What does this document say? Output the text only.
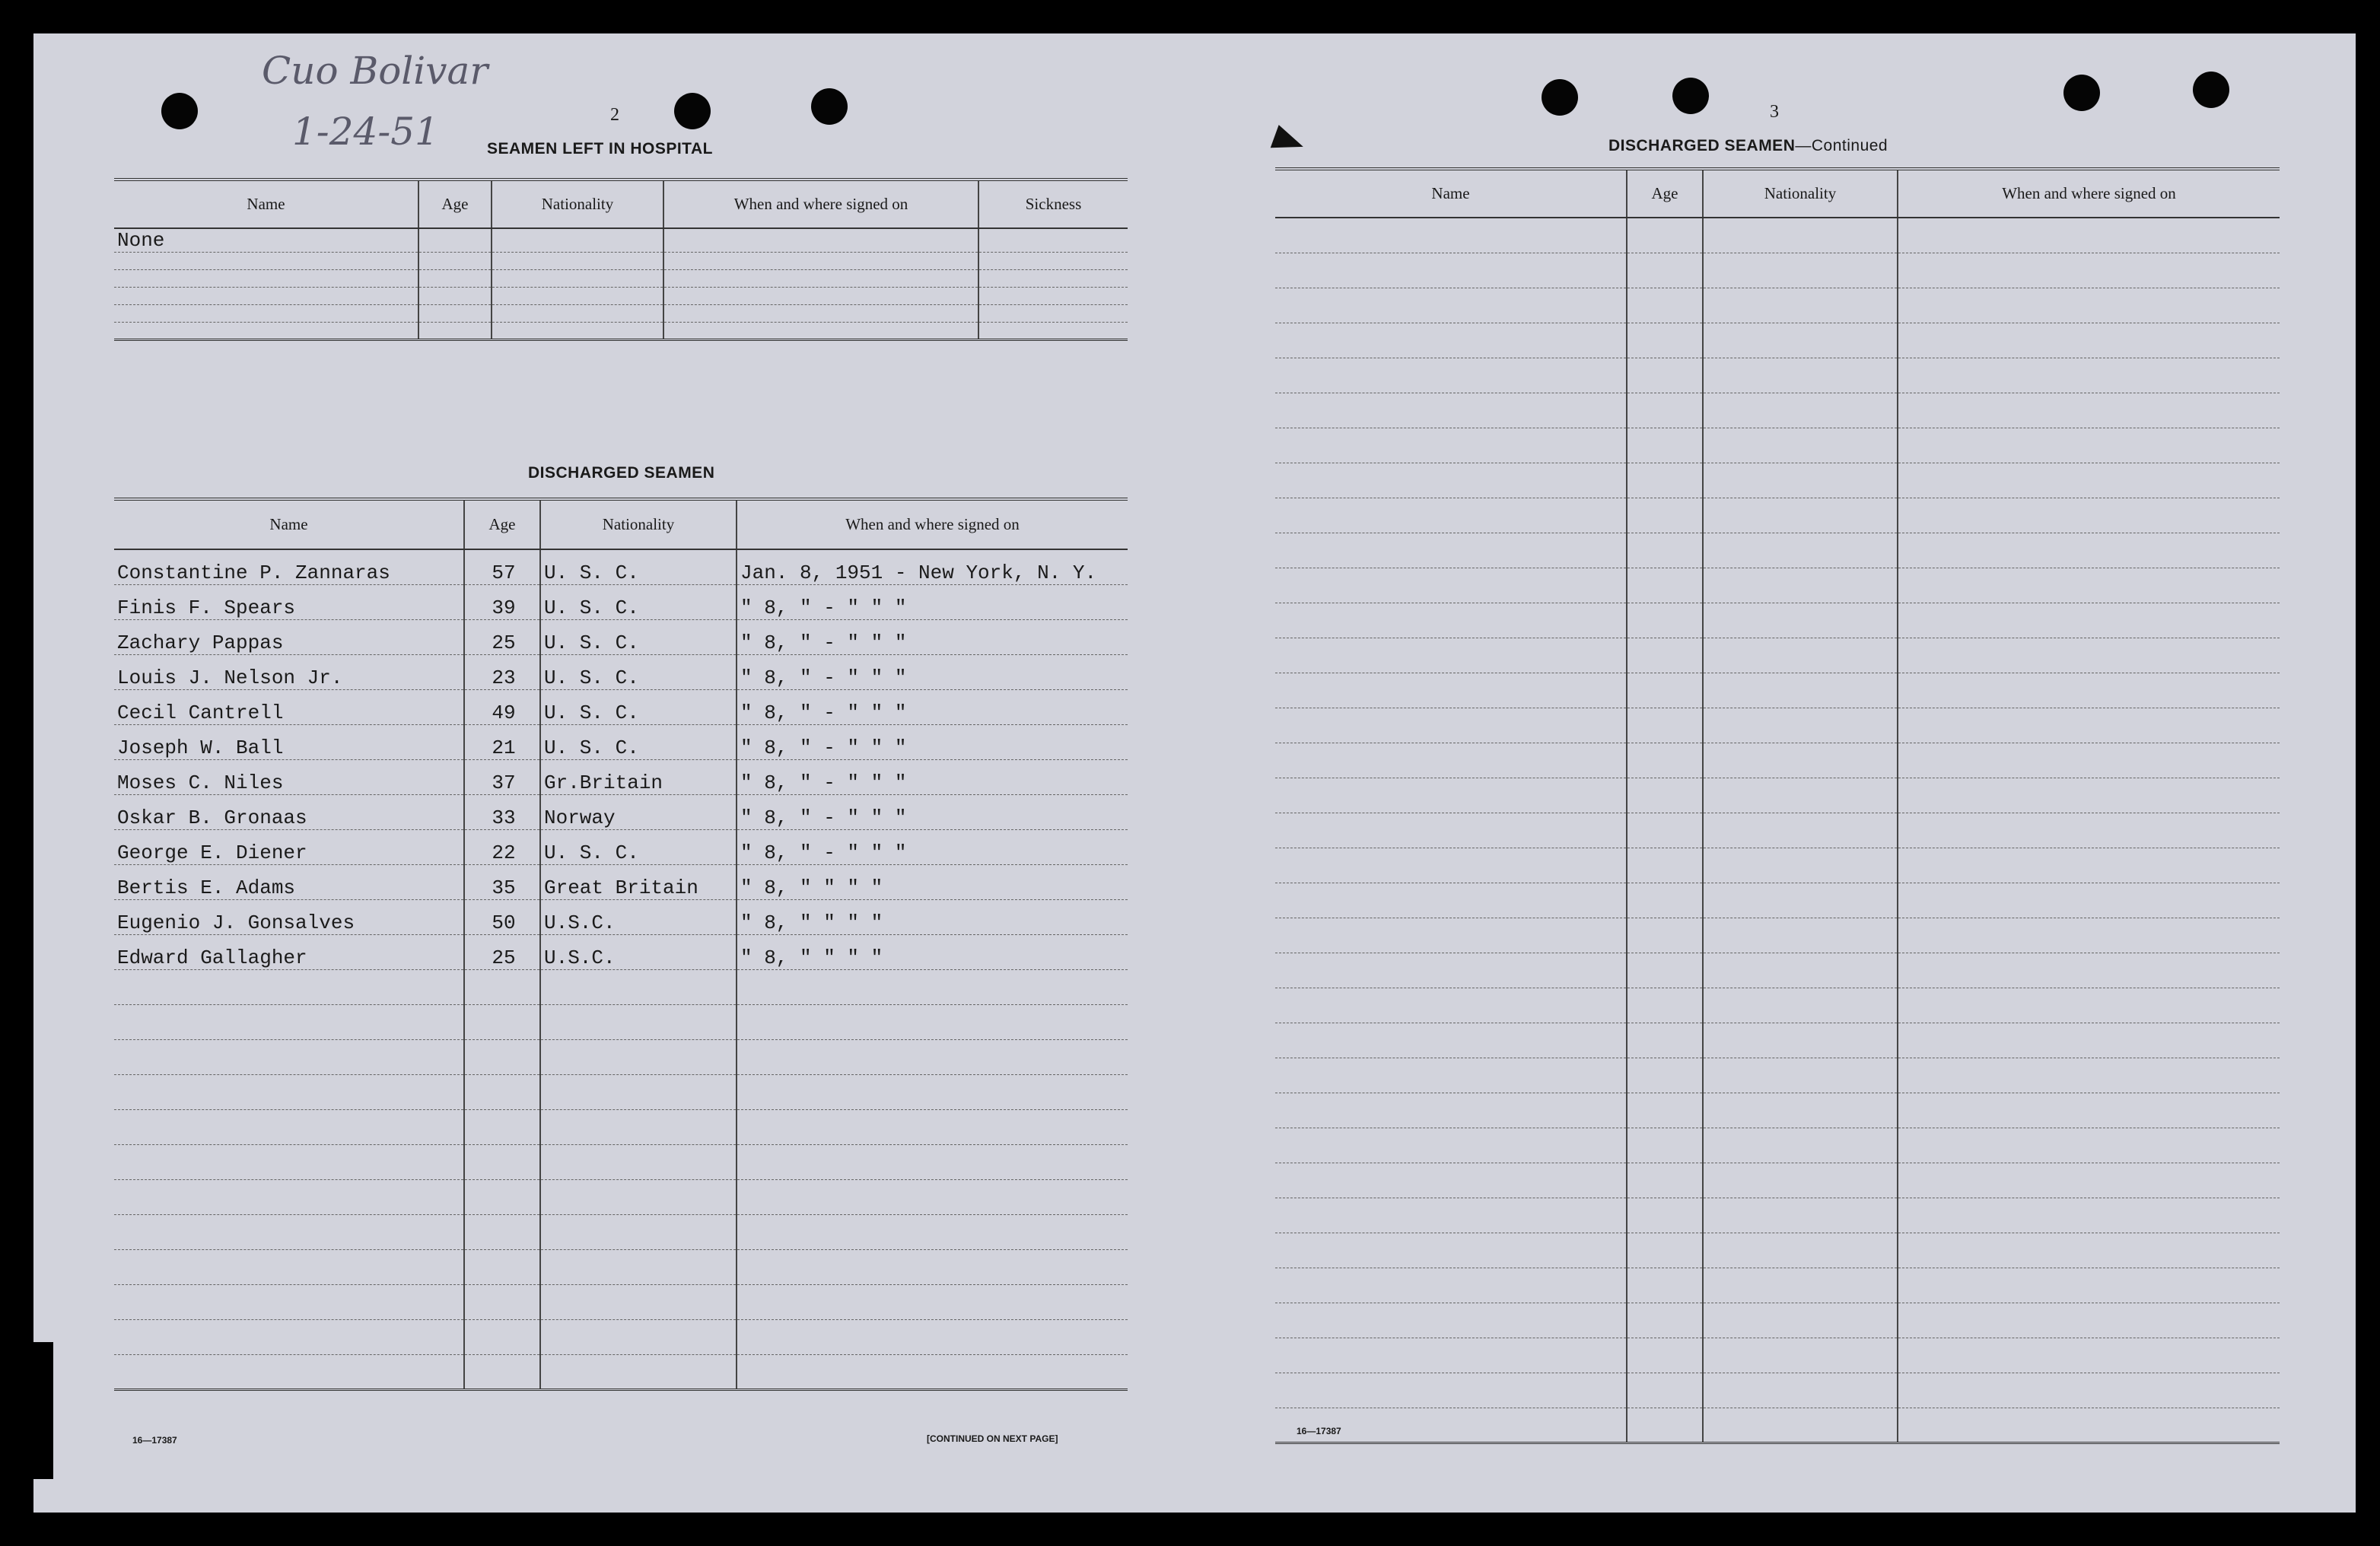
Cuo Bolivar
1-24-51	2
SEAMEN LEFT IN HOSPITAL
Name	Age	Nationality	When and where signed on	Sickness
None				

DISCHARGED SEAMEN
Name	Age	Nationality	When and where signed on
Constantine P. Zannaras	57	U. S. C.	Jan. 8, 1951 - New York, N. Y.
Finis F. Spears	39	U. S. C.	" 8, " - " " "
Zachary Pappas	25	U. S. C.	" 8, " - " " "
Louis J. Nelson Jr.	23	U. S. C.	" 8, " - " " "
Cecil Cantrell	49	U. S. C.	" 8, " - " " "
Joseph W. Ball	21	U. S. C.	" 8, " - " " "
Moses C. Niles	37	Gr.Britain	" 8, " - " " "
Oskar B. Gronaas	33	Norway	" 8, " - " " "
George E. Diener	22	U. S. C.	" 8, " - " " "
Bertis E. Adams	35	Great Britain	" 8, " " " "
Eugenio J. Gonsalves	50	U.S.C.	" 8, " " " "
Edward Gallagher	25	U.S.C.	" 8, " " " "

16—17387	[CONTINUED ON NEXT PAGE]
3
DISCHARGED SEAMEN—Continued
Name	Age	Nationality	When and where signed on

16—17387
